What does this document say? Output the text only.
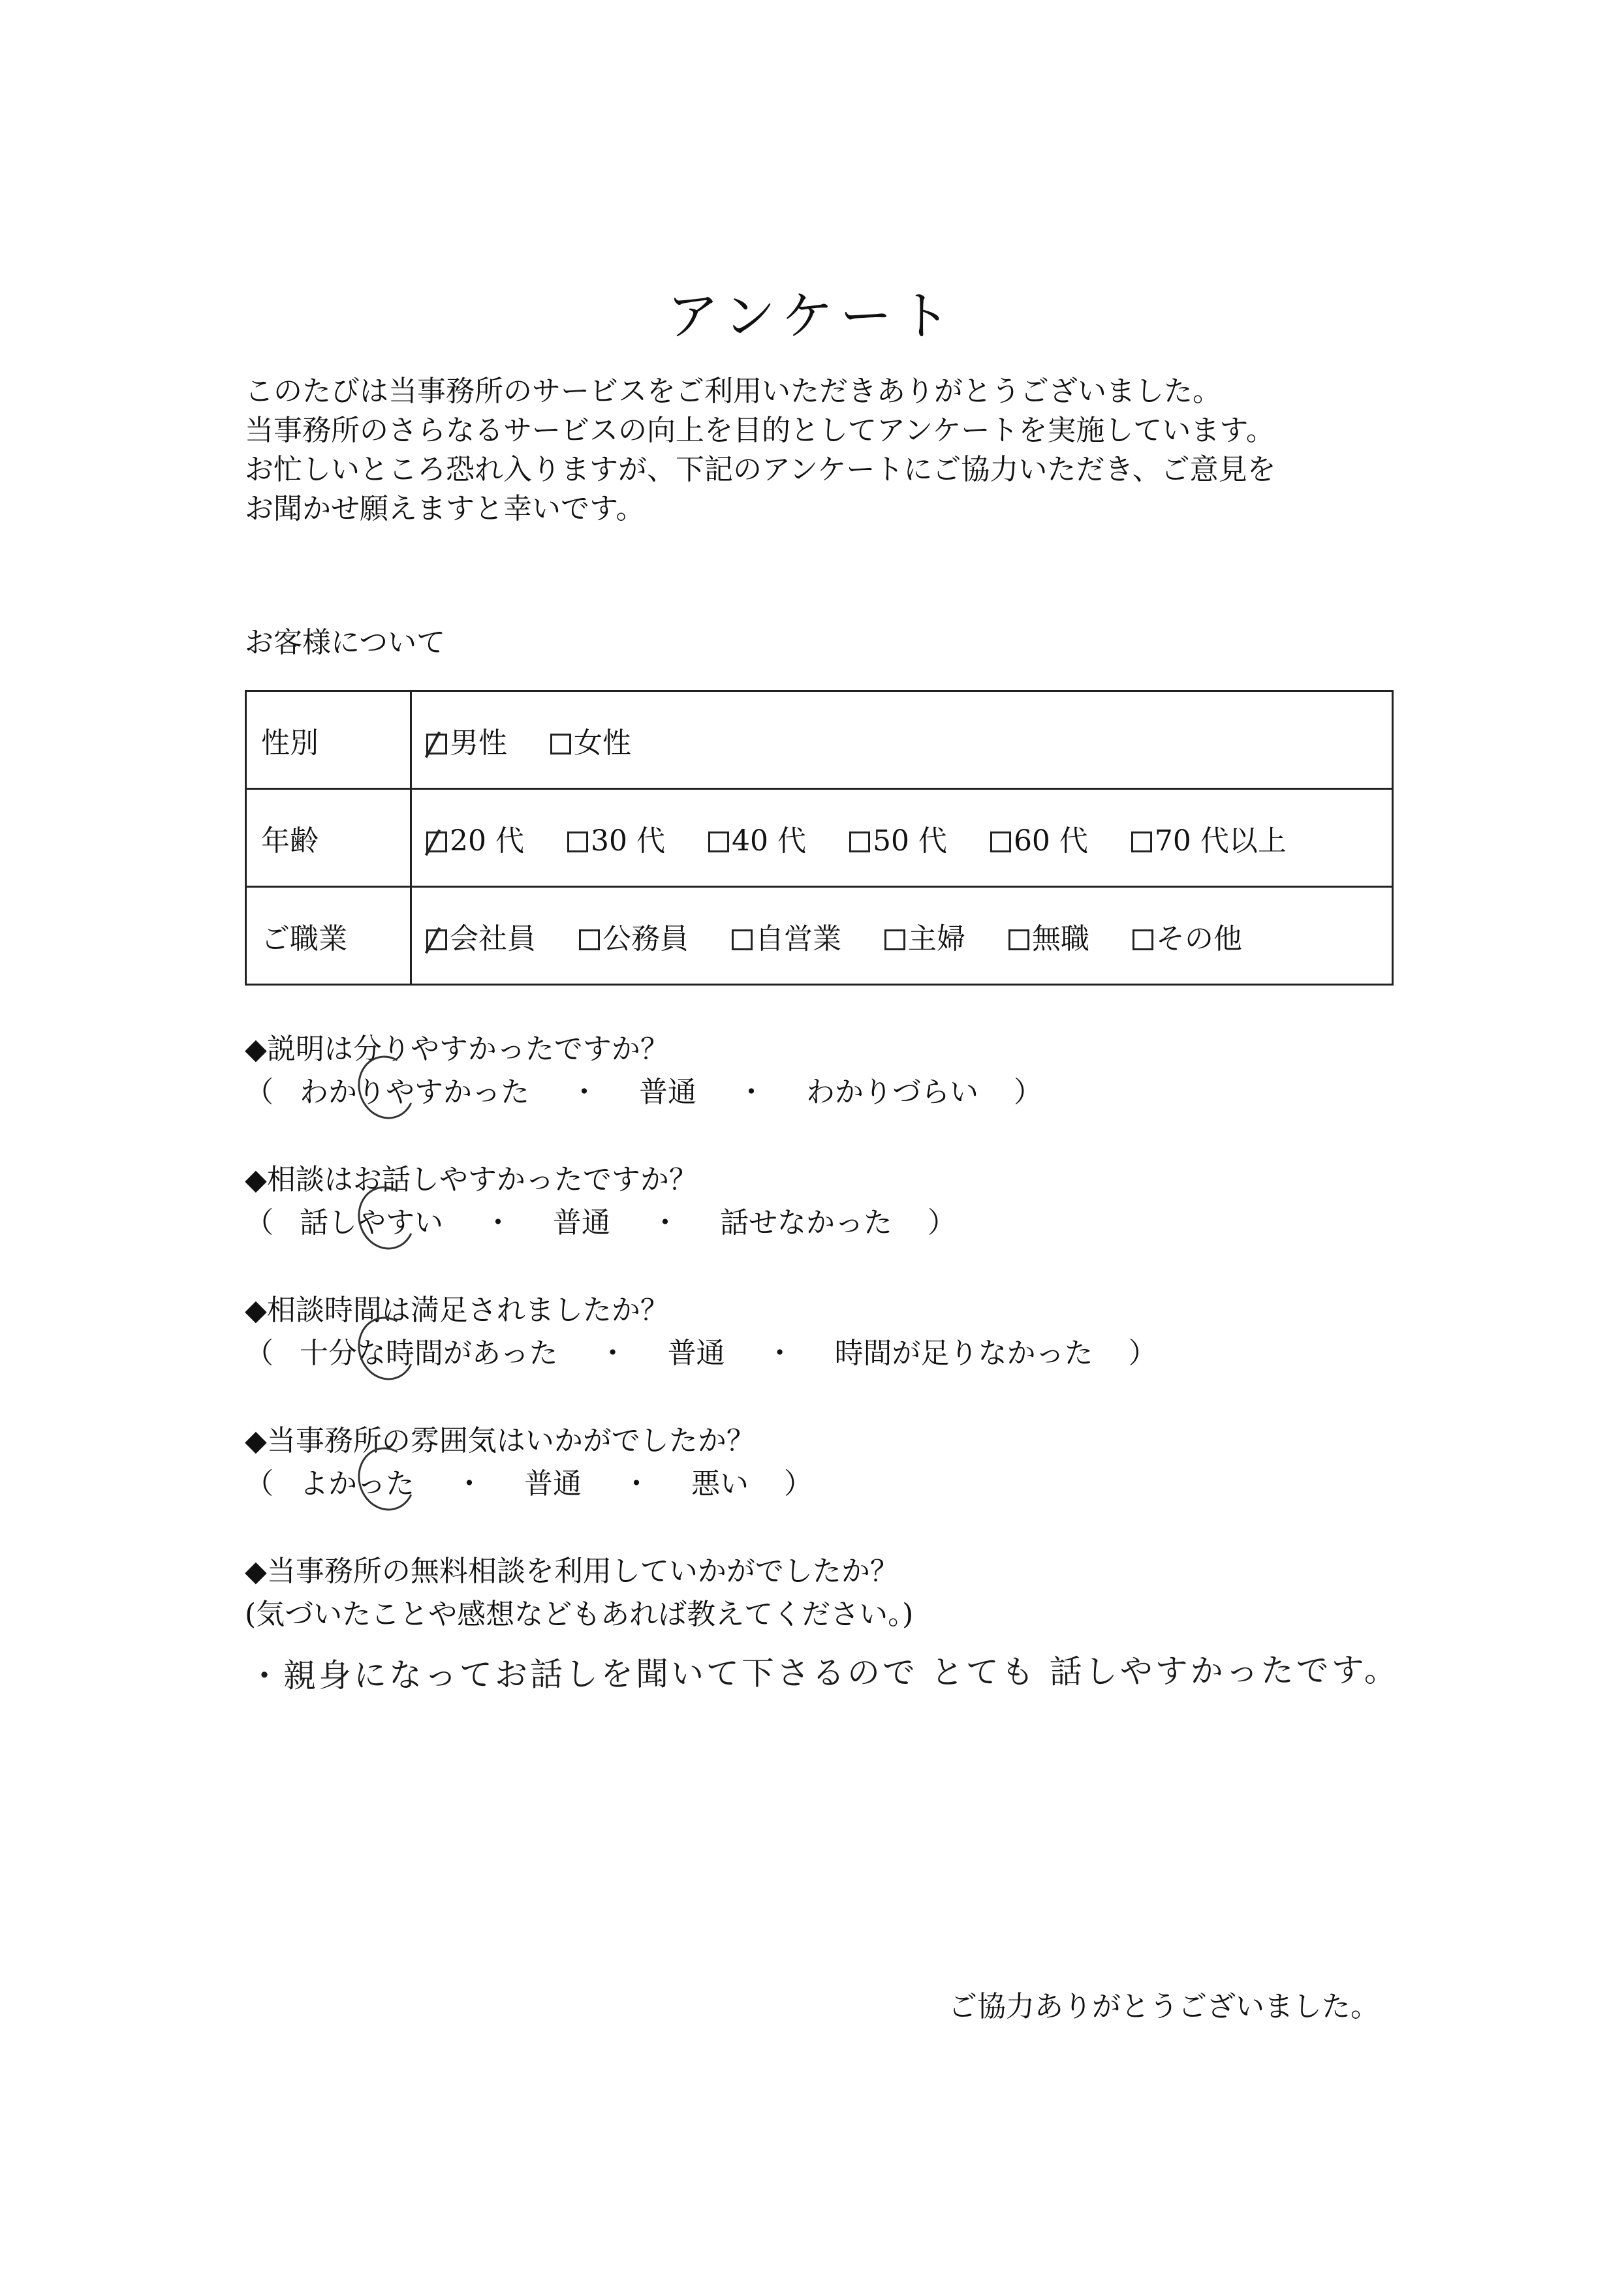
アンケート
このたびは当事務所のサービスをご利用いただきありがとうございました。
当事務所のさらなるサービスの向上を目的としてアンケートを実施しています。
お忙しいところ恐れ入りますが、下記のアンケートにご協力いただき、ご意見を
お聞かせ願えますと幸いです。
お客様について
性別	男性 女性
年齢	20 代 30 代 40 代 50 代 60 代 70 代以上
ご職業	会社員 公務員 自営業 主婦 無職 その他
◆説明は分りやすかったですか？
（ わかりやすかった ・ 普通 ・ わかりづらい ）
◆相談はお話しやすかったですか？
（ 話しやすい ・ 普通 ・ 話せなかった ）
◆相談時間は満足されましたか？
（ 十分な時間があった ・ 普通 ・ 時間が足りなかった ）
◆当事務所の雰囲気はいかがでしたか？
（ よかった ・ 普通 ・ 悪い ）
◆当事務所の無料相談を利用していかがでしたか？
(気づいたことや感想などもあれば教えてください。)
・親身になってお話しを聞いて下さるので とても 話しやすかったです。
ご協力ありがとうございました。
